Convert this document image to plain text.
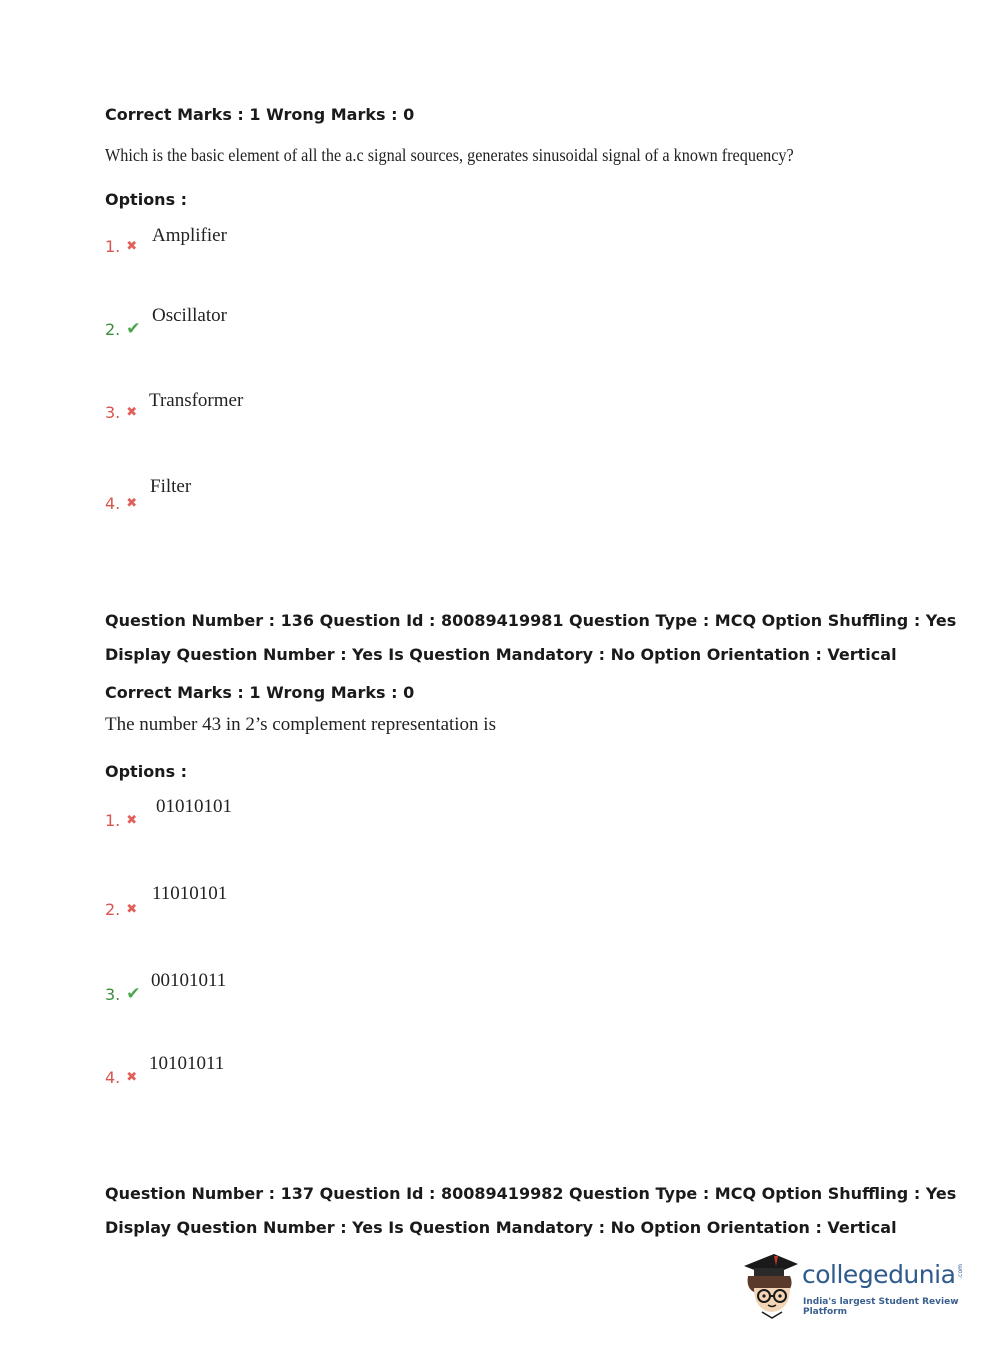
Correct Marks : 1 Wrong Marks : 0
Which is the basic element of all the a.c signal sources, generates sinusoidal signal of a known frequency?
Options :
1. ✖
Amplifier
2. ✔
Oscillator
3. ✖
Transformer
4. ✖
Filter
Question Number : 136 Question Id : 80089419981 Question Type : MCQ Option Shuffling : Yes
Display Question Number : Yes Is Question Mandatory : No Option Orientation : Vertical
Correct Marks : 1 Wrong Marks : 0
The number 43 in 2’s complement representation is
Options :
1. ✖
01010101
2. ✖
11010101
3. ✔
00101011
4. ✖
10101011
Question Number : 137 Question Id : 80089419982 Question Type : MCQ Option Shuffling : Yes
Display Question Number : Yes Is Question Mandatory : No Option Orientation : Vertical
collegedunia .com
India's largest Student Review Platform
